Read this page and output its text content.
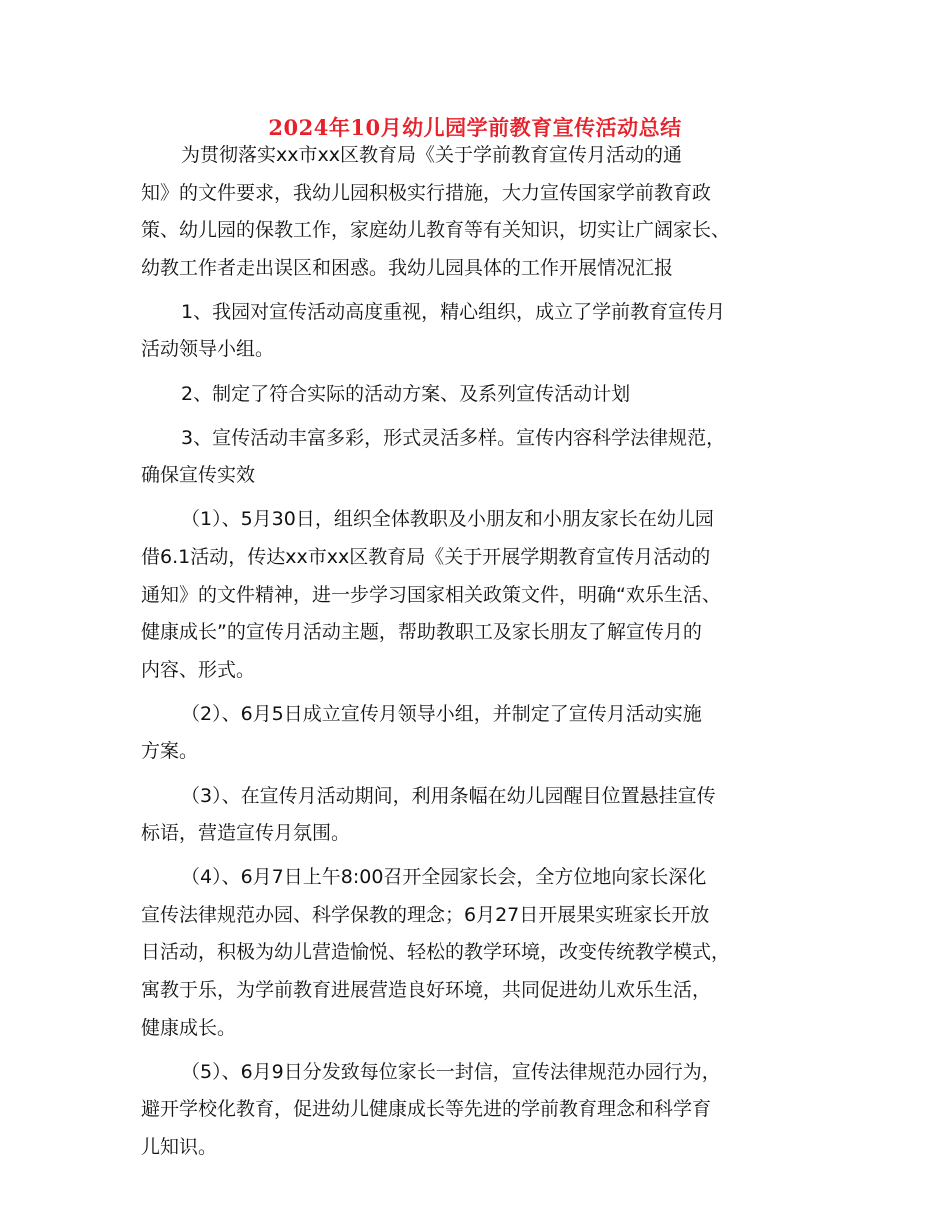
2024年10月幼儿园学前教育宣传活动总结

为贯彻落实xx市xx区教育局《关于学前教育宣传月活动的通
知》的文件要求，我幼儿园积极实行措施，大力宣传国家学前教育政
策、幼儿园的保教工作，家庭幼儿教育等有关知识，切实让广阔家长、
幼教工作者走出误区和困惑。我幼儿园具体的工作开展情况汇报

1、我园对宣传活动高度重视，精心组织，成立了学前教育宣传月
活动领导小组。

2、制定了符合实际的活动方案、及系列宣传活动计划

3、宣传活动丰富多彩，形式灵活多样。宣传内容科学法律规范，
确保宣传实效

（1）、5月30日，组织全体教职及小朋友和小朋友家长在幼儿园
借6.1活动，传达xx市xx区教育局《关于开展学期教育宣传月活动的
通知》的文件精神，进一步学习国家相关政策文件，明确“欢乐生活、
健康成长”的宣传月活动主题，帮助教职工及家长朋友了解宣传月的
内容、形式。

（2）、6月5日成立宣传月领导小组，并制定了宣传月活动实施
方案。

（3）、在宣传月活动期间，利用条幅在幼儿园醒目位置悬挂宣传
标语，营造宣传月氛围。

（4）、6月7日上午8:00召开全园家长会，全方位地向家长深化
宣传法律规范办园、科学保教的理念；6月27日开展果实班家长开放
日活动，积极为幼儿营造愉悦、轻松的教学环境，改变传统教学模式，
寓教于乐，为学前教育进展营造良好环境，共同促进幼儿欢乐生活，
健康成长。

（5）、6月9日分发致每位家长一封信，宣传法律规范办园行为，
避开学校化教育，促进幼儿健康成长等先进的学前教育理念和科学育
儿知识。
